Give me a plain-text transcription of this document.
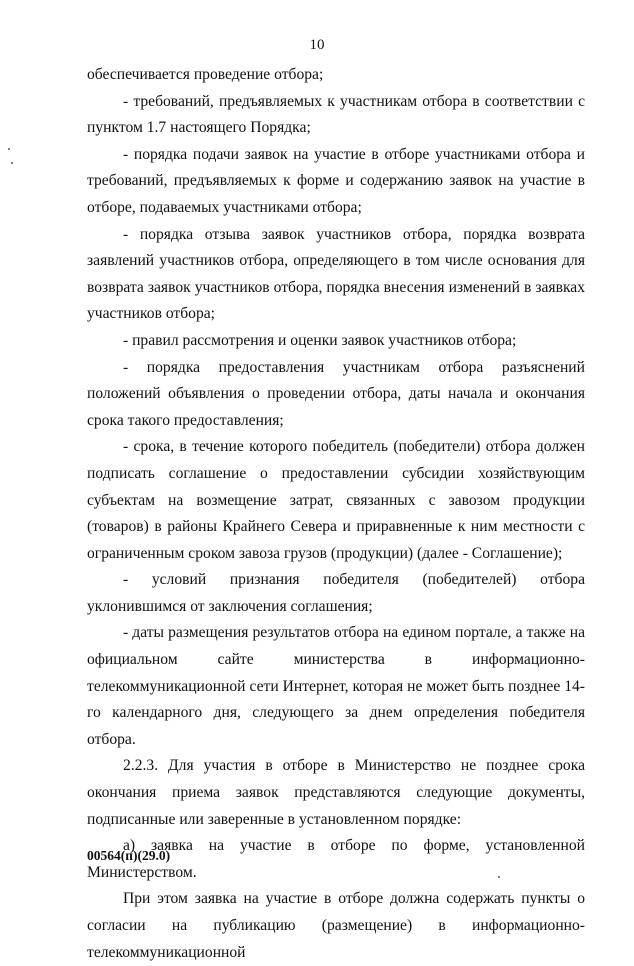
10

обеспечивается проведение отбора;

- требований, предъявляемых к участникам отбора в соответствии с пунктом 1.7 настоящего Порядка;

- порядка подачи заявок на участие в отборе участниками отбора и требований, предъявляемых к форме и содержанию заявок на участие в отборе, подаваемых участниками отбора;

- порядка отзыва заявок участников отбора, порядка возврата заявлений участников отбора, определяющего в том числе основания для возврата заявок участников отбора, порядка внесения изменений в заявках участников отбора;

- правил рассмотрения и оценки заявок участников отбора;

- порядка предоставления участникам отбора разъяснений положений объявления о проведении отбора, даты начала и окончания срока такого предоставления;

- срока, в течение которого победитель (победители) отбора должен подписать соглашение о предоставлении субсидии хозяйствующим субъектам на возмещение затрат, связанных с завозом продукции (товаров) в районы Крайнего Севера и приравненные к ним местности с ограниченным сроком завоза грузов (продукции) (далее - Соглашение);

- условий признания победителя (победителей) отбора уклонившимся от заключения соглашения;

- даты размещения результатов отбора на едином портале, а также на официальном сайте министерства в информационно-телекоммуникационной сети Интернет, которая не может быть позднее 14-го календарного дня, следующего за днем определения победителя отбора.

2.2.3. Для участия в отборе в Министерство не позднее срока окончания приема заявок представляются следующие документы, подписанные или заверенные в установленном порядке:

а) заявка на участие в отборе по форме, установленной Министерством.

При этом заявка на участие в отборе должна содержать пункты о согласии на публикацию (размещение) в информационно-телекоммуникационной

00564(п)(29.0)
